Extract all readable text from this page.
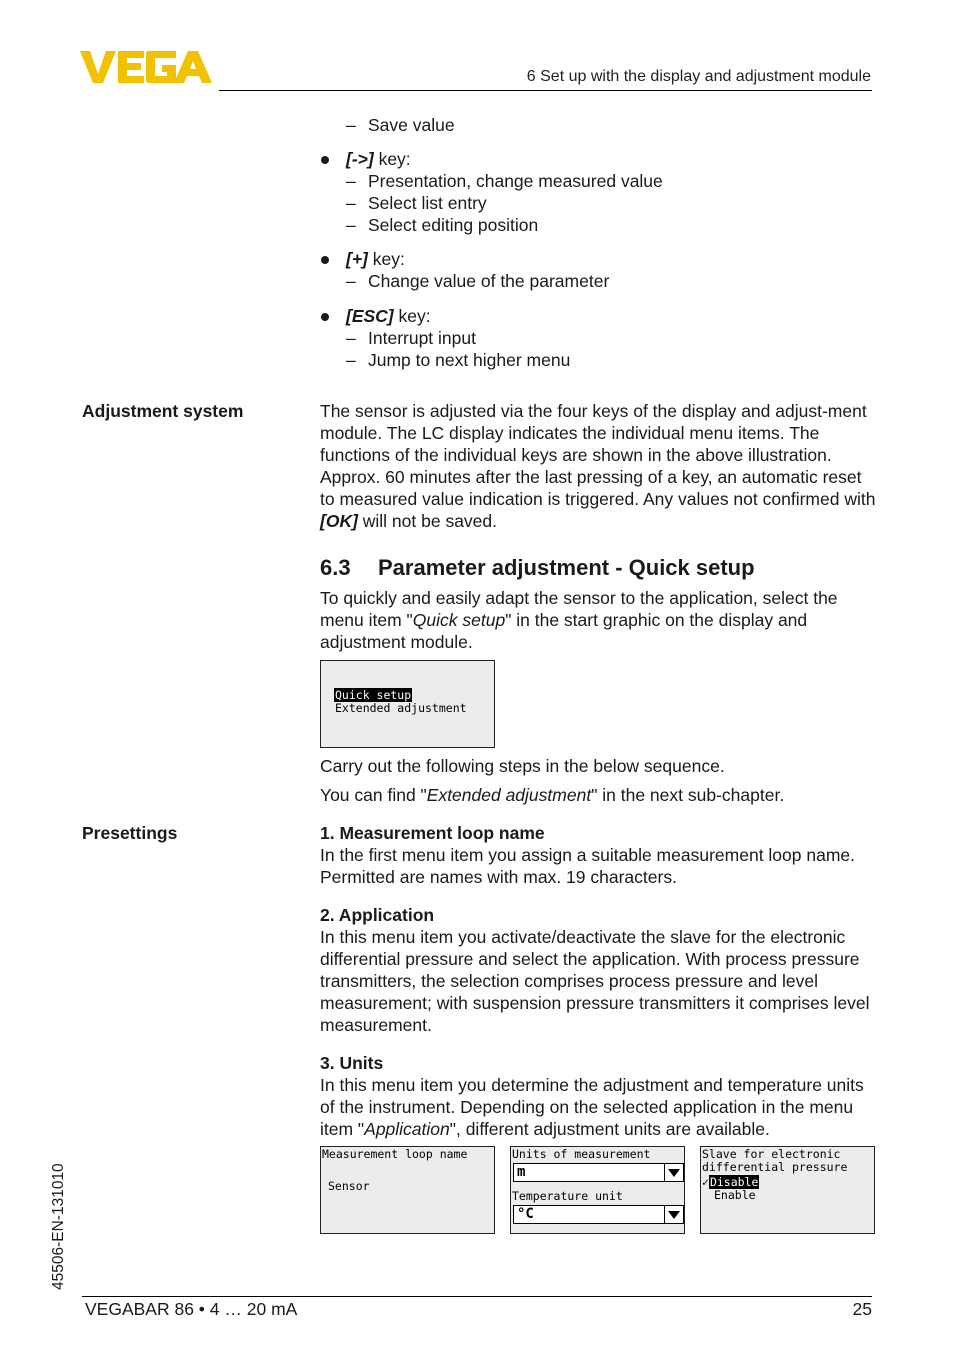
6 Set up with the display and adjustment module
– Save value
[->] key:
– Presentation, change measured value
– Select list entry
– Select editing position
[+] key:
– Change value of the parameter
[ESC] key:
– Interrupt input
– Jump to next higher menu
Adjustment system	The sensor is adjusted via the four keys of the display and adjust-ment module. The LC display indicates the individual menu items. The functions of the individual keys are shown in the above illustration. Approx. 60 minutes after the last pressing of a key, an automatic reset to measured value indication is triggered. Any values not confirmed with [OK] will not be saved.
6.3 Parameter adjustment - Quick setup
To quickly and easily adapt the sensor to the application, select the menu item "Quick setup" in the start graphic on the display and adjustment module.
Quick setup
Extended adjustment
Carry out the following steps in the below sequence.
You can find "Extended adjustment" in the next sub-chapter.
Presettings	1. Measurement loop name
In the first menu item you assign a suitable measurement loop name. Permitted are names with max. 19 characters.
2. Application
In this menu item you activate/deactivate the slave for the electronic differential pressure and select the application. With process pressure transmitters, the selection comprises process pressure and level measurement; with suspension pressure transmitters it comprises level measurement.
3. Units
In this menu item you determine the adjustment and temperature units of the instrument. Depending on the selected application in the menu item "Application", different adjustment units are available.
Measurement loop name
Sensor
Units of measurement
m
Temperature unit
°C
Slave for electronic
differential pressure
✓Disable
Enable
45506-EN-131010
VEGABAR 86 • 4 … 20 mA	25
